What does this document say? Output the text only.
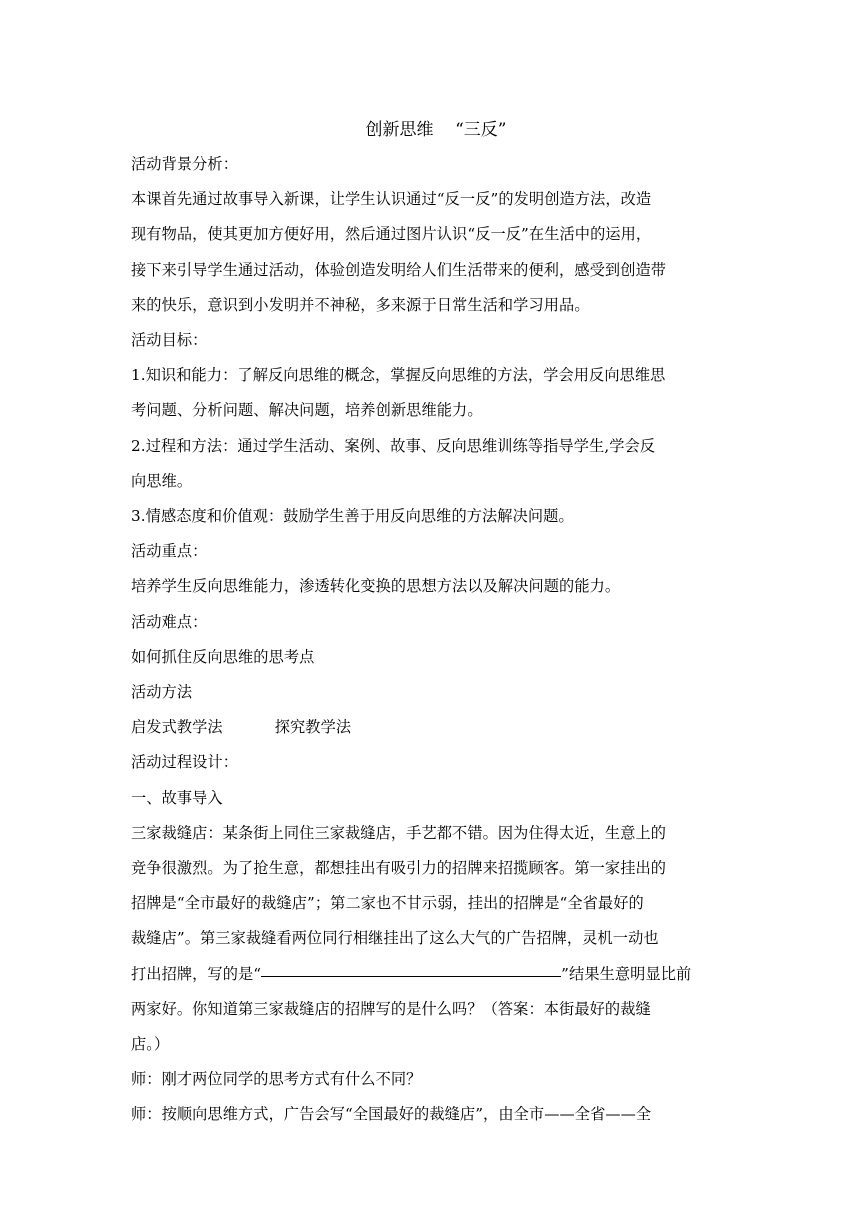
创新思维    “三反”
活动背景分析：
本课首先通过故事导入新课，让学生认识通过“反一反”的发明创造方法，改造
现有物品，使其更加方便好用，然后通过图片认识“反一反”在生活中的运用，
接下来引导学生通过活动，体验创造发明给人们生活带来的便利，感受到创造带
来的快乐，意识到小发明并不神秘，多来源于日常生活和学习用品。
活动目标：
1.知识和能力：了解反向思维的概念，掌握反向思维的方法，学会用反向思维思
考问题、分析问题、解决问题，培养创新思维能力。
2.过程和方法：通过学生活动、案例、故事、反向思维训练等指导学生,学会反
向思维。
3.情感态度和价值观：鼓励学生善于用反向思维的方法解决问题。
活动重点：
培养学生反向思维能力，渗透转化变换的思想方法以及解决问题的能力。
活动难点：
如何抓住反向思维的思考点
活动方法
启发式教学法	探究教学法
活动过程设计：
一、故事导入
三家裁缝店：某条街上同住三家裁缝店，手艺都不错。因为住得太近，生意上的
竞争很激烈。为了抢生意，都想挂出有吸引力的招牌来招揽顾客。第一家挂出的
招牌是“全市最好的裁缝店”；第二家也不甘示弱，挂出的招牌是“全省最好的
裁缝店”。第三家裁缝看两位同行相继挂出了这么大气的广告招牌，灵机一动也
打出招牌，写的是“	”结果生意明显比前
两家好。你知道第三家裁缝店的招牌写的是什么吗？（答案：本街最好的裁缝
店。）
师：刚才两位同学的思考方式有什么不同？
师：按顺向思维方式，广告会写“全国最好的裁缝店”，由全市——全省——全
